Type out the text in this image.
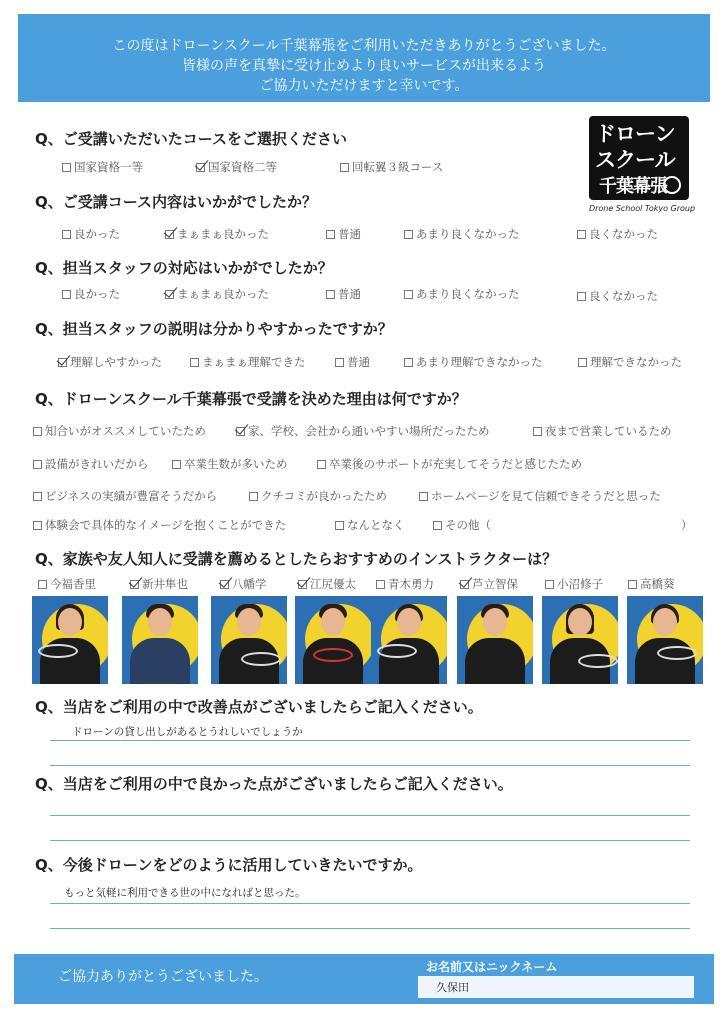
この度はドローンスクール千葉幕張をご利用いただきありがとうございました。
皆様の声を真摯に受け止めより良いサービスが出来るよう
ご協力いただけますと幸いです。
ドローン
スクール
千葉幕張
Drone School Tokyo Group
Q、ご受講いただいたコースをご選択ください
国家資格一等	国家資格二等	回転翼３級コース
Q、ご受講コース内容はいかがでしたか？
良かった	まぁまぁ良かった	普通	あまり良くなかった	良くなかった
Q、担当スタッフの対応はいかがでしたか？
良かった	まぁまぁ良かった	普通	あまり良くなかった	良くなかった
Q、担当スタッフの説明は分かりやすかったですか？
理解しやすかった	まぁまぁ理解できた	普通	あまり理解できなかった	理解できなかった
Q、ドローンスクール千葉幕張で受講を決めた理由は何ですか？
知合いがオススメしていたため	家、学校、会社から通いやすい場所だったため	夜まで営業しているため
設備がきれいだから	卒業生数が多いため	卒業後のサポートが充実してそうだと感じたため
ビジネスの実績が豊富そうだから	クチコミが良かったため	ホームページを見て信頼できそうだと思った
体験会で具体的なイメージを抱くことができた	なんとなく	その他（	）
Q、家族や友人知人に受講を薦めるとしたらおすすめのインストラクターは？
今福香里	新井隼也	八幡学	江尻優太	青木勇力	芦立智保	小沼修子	高橋葵
Q、当店をご利用の中で改善点がございましたらご記入ください。
ドローンの貸し出しがあるとうれしいでしょうか
Q、当店をご利用の中で良かった点がございましたらご記入ください。
Q、今後ドローンをどのように活用していきたいですか。
もっと気軽に利用できる世の中になればと思った。
ご協力ありがとうございました。
お名前又はニックネーム
久保田
